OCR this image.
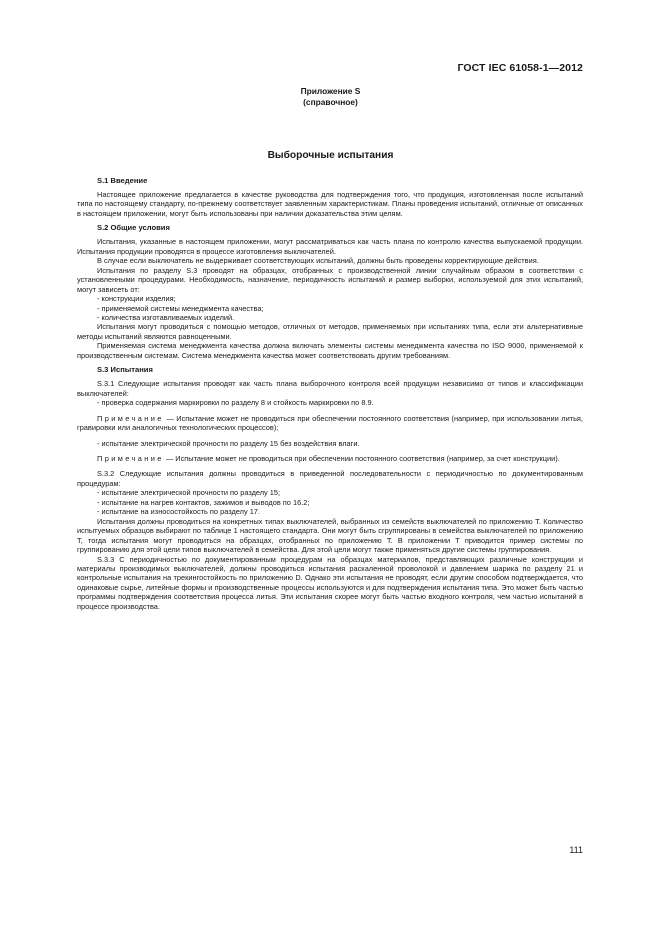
ГОСТ IEC 61058-1—2012
Приложение S
(справочное)
Выборочные испытания
S.1 Введение

Настоящее приложение предлагается в качестве руководства для подтверждения того, что продукция, изготовленная после испытаний типа по настоящему стандарту, по-прежнему соответствует заявленным характеристикам. Планы проведения испытаний, отличные от описанных в настоящем приложении, могут быть использованы при наличии доказательства этим целям.

S.2 Общие условия

Испытания, указанные в настоящем приложении, могут рассматриваться как часть плана по контролю качества выпускаемой продукции. Испытания продукции проводятся в процессе изготовления выключателей.

В случае если выключатель не выдерживает соответствующих испытаний, должны быть проведены корректирующие действия.

Испытания по разделу S.3 проводят на образцах, отобранных с производственной линии случайным образом в соответствии с установленными процедурами. Необходимость, назначение, периодичность испытаний и размер выборки, используемой для этих испытаний, могут зависеть от:

- конструкции изделия;

- применяемой системы менеджмента качества;

- количества изготавливаемых изделий.

Испытания могут проводиться с помощью методов, отличных от методов, применяемых при испытаниях типа, если эти альтернативные методы испытаний являются равноценными.

Применяемая система менеджмента качества должна включать элементы системы менеджмента качества по ISO 9000, применяемой к производственным системам. Система менеджмента качества может соответствовать другим требованиям.

S.3 Испытания

S.3.1 Следующие испытания проводят как часть плана выборочного контроля всей продукции независимо от типов и классификации выключателей:

- проверка содержания маркировки по разделу 8 и стойкость маркировки по 8.9.

Примечание — Испытание может не проводиться при обеспечении постоянного соответствия (например, при использовании литья, гравировки или аналогичных технологических процессов);

- испытание электрической прочности по разделу 15 без воздействия влаги.

Примечание — Испытание может не проводиться при обеспечении постоянного соответствия (например, за счет конструкции).

S.3.2 Следующие испытания должны проводиться в приведенной последовательности с периодичностью по документированным процедурам:

- испытание электрической прочности по разделу 15;

- испытание на нагрев контактов, зажимов и выводов по 16.2;

- испытание на износостойкость по разделу 17.

Испытания должны проводиться на конкретных типах выключателей, выбранных из семейств выключателей по приложению T. Количество испытуемых образцов выбирают по таблице 1 настоящего стандарта. Они могут быть сгруппированы в семейства выключателей по приложению T, тогда испытания могут проводиться на образцах, отобранных по приложению T. В приложении T приводится пример системы по группированию для этой цели типов выключателей в семейства. Для этой цели могут также применяться другие системы группирования.

S.3.3 С периодичностью по документированным процедурам на образцах материалов, представляющих различные конструкции и материалы производимых выключателей, должны проводиться испытания раскаленной проволокой и давлением шарика по разделу 21 и контрольные испытания на трекингостойкость по приложению D. Однако эти испытания не проводят, если другим способом подтверждается, что одинаковые сырье, литейные формы и производственные процессы используются и для подтверждения испытания типа. Это может быть частью программы подтверждения соответствия процесса литья. Эти испытания скорее могут быть частью входного контроля, чем частью испытаний в процессе производства.

111
